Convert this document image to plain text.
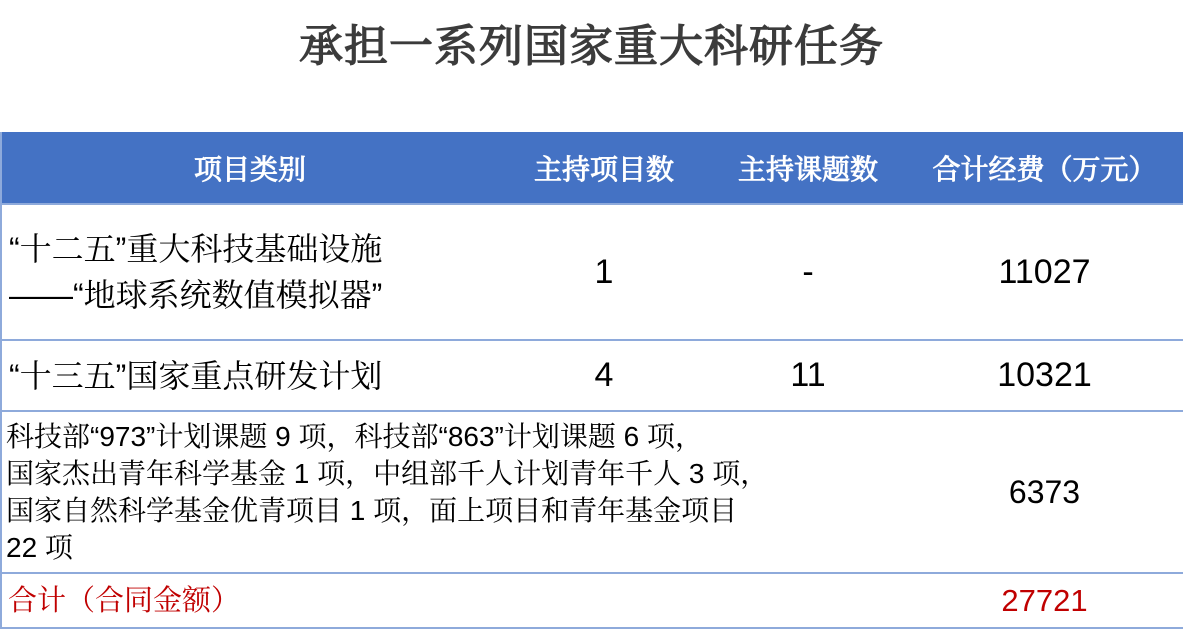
承担一系列国家重大科研任务
项目类别	主持项目数	主持课题数	合计经费（万元）

“十二五”重大科技基础设施
——“地球系统数值模拟器”	1	-	11027

“十三五”国家重点研发计划	4	11	10321

科技部“973”计划课题 9 项，科技部“863”计划课题 6 项，
国家杰出青年科学基金 1 项，中组部千人计划青年千人 3 项，
国家自然科学基金优青项目 1 项，面上项目和青年基金项目
22 项			6373
合计（合同金额）			27721
